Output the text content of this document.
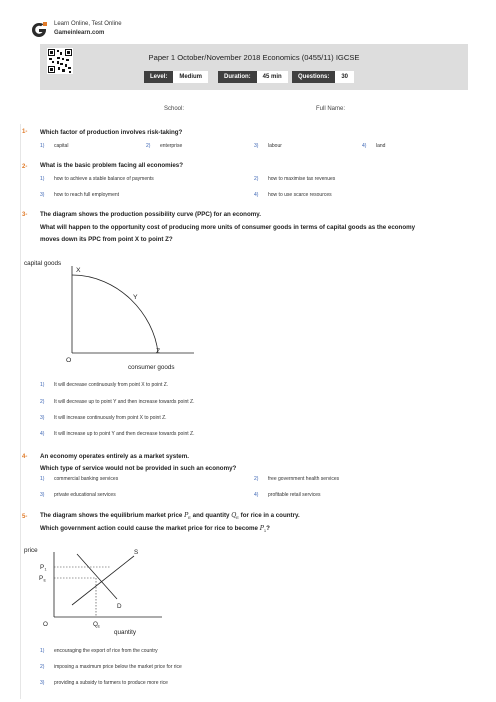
Learn Online, Test Online
Gameinlearn.com
Paper 1 October/November 2018 Economics (0455/11) IGCSE
Level:	Medium	Duration:	45 min	Questions:	30
School:	Full Name:
1- Which factor of production involves risk-taking?
1) capital	2) enterprise	3) labour	4) land
2- What is the basic problem facing all economies?
1) how to achieve a stable balance of payments	2) how to maximise tax revenues
3) how to reach full employment	4) how to use scarce resources
3- The diagram shows the production possibility curve (PPC) for an economy.
What will happen to the opportunity cost of producing more units of consumer goods in terms of capital goods as the economy
moves down its PPC from point X to point Z?
capital goods
X
Y
Z
O
consumer goods
1) It will decrease continuously from point X to point Z.
2) It will decrease up to point Y and then increase towards point Z.
3) It will increase continuously from point X to point Z.
4) It will increase up to point Y and then decrease towards point Z.
4- An economy operates entirely as a market system.
Which type of service would not be provided in such an economy?
1) commercial banking services	2) free government health services
3) private educational services	4) profitable retail services
5- The diagram shows the equilibrium market price $P_E$ and quantity $Q_E$ for rice in a country.
Which government action could cause the market price for rice to become $P_1$?
price
P 1
P E
S
D
O	Q E
quantity
1) encouraging the export of rice from the country
2) imposing a maximum price below the market price for rice
3) providing a subsidy to farmers to produce more rice
